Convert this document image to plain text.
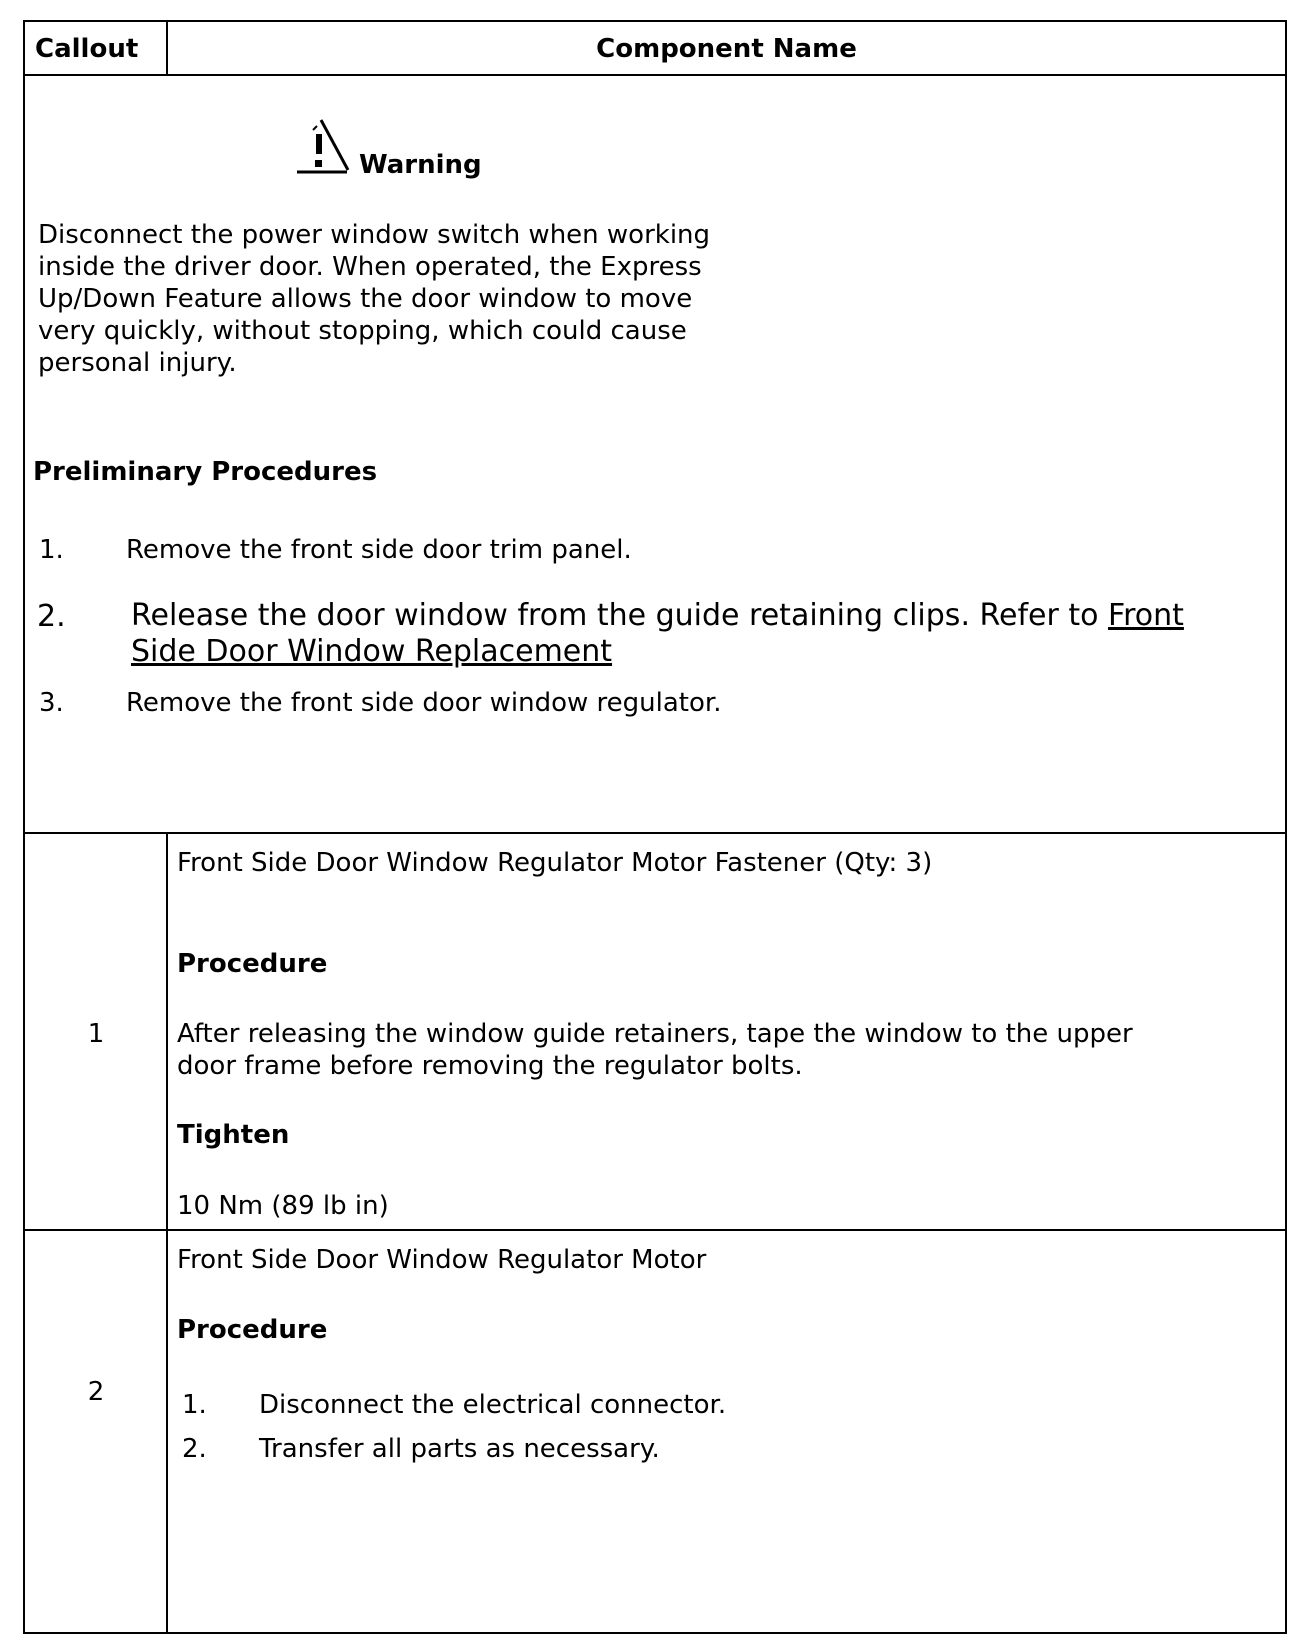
Callout	Component Name
Warning
Disconnect the power window switch when working
inside the driver door. When operated, the Express
Up/Down Feature allows the door window to move
very quickly, without stopping, which could cause
personal injury.
Preliminary Procedures
1. Remove the front side door trim panel.
2. Release the door window from the guide retaining clips. Refer to Front
Side Door Window Replacement
3. Remove the front side door window regulator.
1
Front Side Door Window Regulator Motor Fastener (Qty: 3)
Procedure
After releasing the window guide retainers, tape the window to the upper
door frame before removing the regulator bolts.
Tighten
10 Nm (89 lb in)
2
Front Side Door Window Regulator Motor
Procedure
1. Disconnect the electrical connector.
2. Transfer all parts as necessary.
